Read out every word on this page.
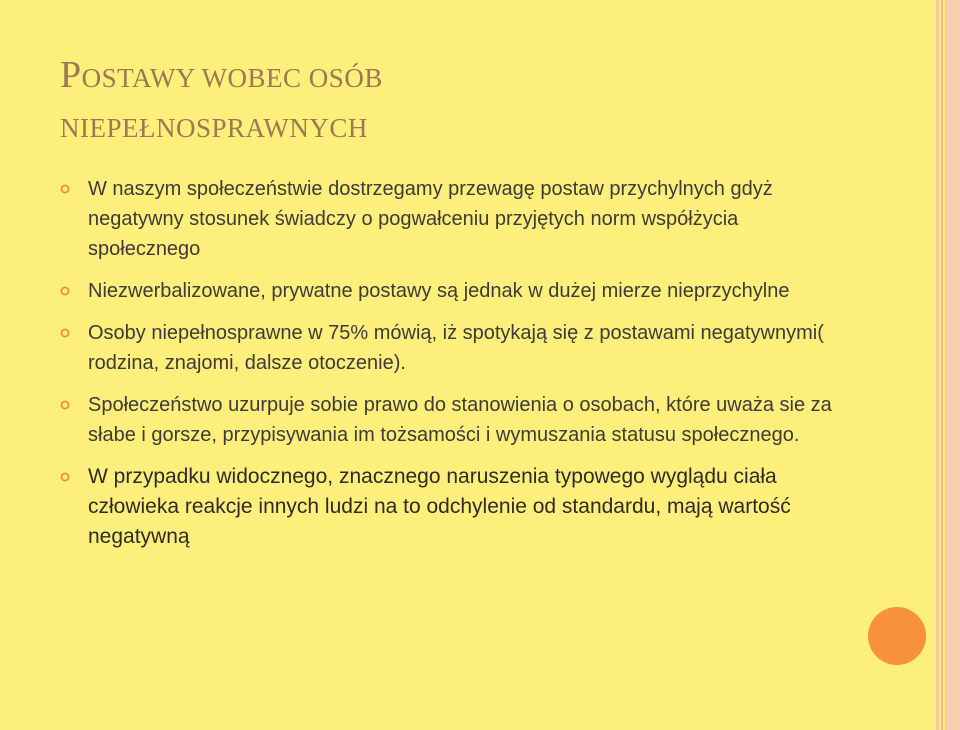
POSTAWY WOBEC OSÓB
NIEPEŁNOSPRAWNYCH
W naszym społeczeństwie dostrzegamy przewagę postaw przychylnych gdyż negatywny stosunek świadczy o pogwałceniu przyjętych norm współżycia społecznego
Niezwerbalizowane, prywatne postawy są jednak w dużej mierze nieprzychylne
Osoby niepełnosprawne w 75% mówią, iż spotykają się z postawami negatywnymi( rodzina, znajomi, dalsze otoczenie).
Społeczeństwo uzurpuje sobie prawo do stanowienia o osobach, które uważa sie za słabe i gorsze, przypisywania im tożsamości i wymuszania statusu społecznego.
W przypadku widocznego, znacznego naruszenia typowego wyglądu ciała człowieka reakcje innych ludzi na to odchylenie od standardu, mają wartość negatywną
